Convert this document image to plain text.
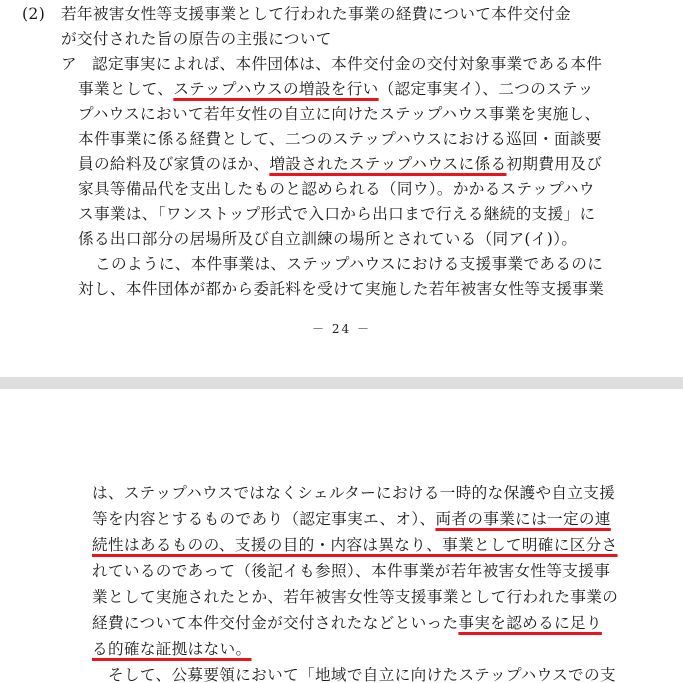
(2) 若年被害女性等支援事業として行われた事業の経費について本件交付金
が交付された旨の原告の主張について
ア 認定事実によれば、本件団体は、本件交付金の交付対象事業である本件
事業として、ステップハウスの増設を行い（認定事実イ）、二つのステッ
プハウスにおいて若年女性の自立に向けたステップハウス事業を実施し、
本件事業に係る経費として、二つのステップハウスにおける巡回・面談要
員の給料及び家賃のほか、増設されたステップハウスに係る初期費用及び
家具等備品代を支出したものと認められる（同ウ）。かかるステップハウ
ス事業は、「ワンストップ形式で入口から出口まで行える継続的支援」に
係る出口部分の居場所及び自立訓練の場所とされている（同ア(イ)）。
このように、本件事業は、ステップハウスにおける支援事業であるのに
対し、本件団体が都から委託料を受けて実施した若年被害女性等支援事業
－ 24 －
は、ステップハウスではなくシェルターにおける一時的な保護や自立支援
等を内容とするものであり（認定事実エ、オ）、両者の事業には一定の連
続性はあるものの、支援の目的・内容は異なり、事業として明確に区分さ
れているのであって（後記イも参照）、本件事業が若年被害女性等支援事
業として実施されたとか、若年被害女性等支援事業として行われた事業の
経費について本件交付金が交付されたなどといった事実を認めるに足り
る的確な証拠はない。
そして、公募要領において「地域で自立に向けたステップハウスでの支
